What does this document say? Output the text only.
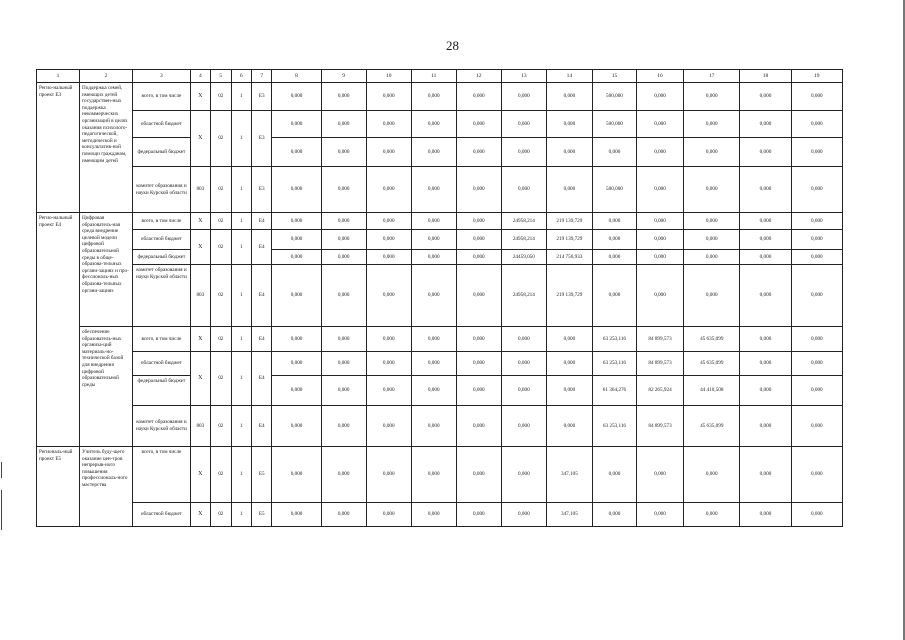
28
1	2	3	4	5	6	7	8	9	10	11	12	13	14	15	16	17	18	19
Регио-нальный проект Е3	Поддержка семей, имеющих детей государствен-ных поддержка некоммерческих организаций в целях оказания психолого-педагогической, методической и консультатив-ной помощи гражданам, имеющим детей	всего, в том числе	X	02	1	Е3	0,000	0,000	0,000	0,000	0,000	0,000	0,000	500,000	0,000	0,000	0,000	0,000
		областной бюджет	X	02	1	Е3	0,000	0,000	0,000	0,000	0,000	0,000	0,000	500,000	0,000	0,000	0,000	0,000
		федеральный бюджет					0,000	0,000	0,000	0,000	0,000	0,000	0,000	0,000	0,000	0,000	0,000	0,000
		комитет образования и науки Курской области	803	02	1	Е3	0,000	0,000	0,000	0,000	0,000	0,000	0,000	500,000	0,000	0,000	0,000	0,000
Регио-нальный проект Е4	Цифровая образователь-ная среда внедрение целевой модели цифровой образовательной среды в обще-образова-тельных органи-зациях и про-фессиональ-ных образова-тельных органи-зациях	всего, в том числе	X	02	1	Е4	0,000	0,000	0,000	0,000	0,000	24958,214	219 139,729	0,000	0,000	0,000	0,000	0,000
		областной бюджет	X	02	1	Е4	0,000	0,000	0,000	0,000	0,000	24958,214	219 139,729	0,000	0,000	0,000	0,000	0,000
		федеральный бюджет					0,000	0,000	0,000	0,000	0,000	24459,050	214 756,933	0,000	0,000	0,000	0,000	0,000
		комитет образования и науки Курской области	803	02	1	Е4	0,000	0,000	0,000	0,000	0,000	24958,214	219 139,729	0,000	0,000	0,000	0,000	0,000
	обеспечение образователь-ных организа-ций материаль-но-технической базой для внедрения цифровой образовательной среды	всего, в том числе	X	02	1	Е4	0,000	0,000	0,000	0,000	0,000	0,000	0,000	63 253,116	84 899,573	45 635,099	0,000	0,000
		областной бюджет	X	02	1	Е4	0,000	0,000	0,000	0,000	0,000	0,000	0,000	63 253,116	84 899,573	45 635,099	0,000	0,000
		федеральный бюджет					0,000	0,000	0,000	0,000	0,000	0,000	0,000	61 364,276	82 265,924	44 410,508	0,000	0,000
		комитет образования и науки Курской области	803	02	1	Е4	0,000	0,000	0,000	0,000	0,000	0,000	0,000	63 253,116	84 899,573	45 635,099	0,000	0,000
Региональ-ный проект Е5	Учитель буду-щего оказание цен-тров непрерыв-ного повышения профессиональ-ного мастерства	всего, в том числе	X	02	1	Е5	0,000	0,000	0,000	0,000	0,000	0,000	347,105	0,000	0,000	0,000	0,000	0,000
		областной бюджет	X	02	1	Е5	0,000	0,000	0,000	0,000	0,000	0,000	347,105	0,000	0,000	0,000	0,000	0,000
